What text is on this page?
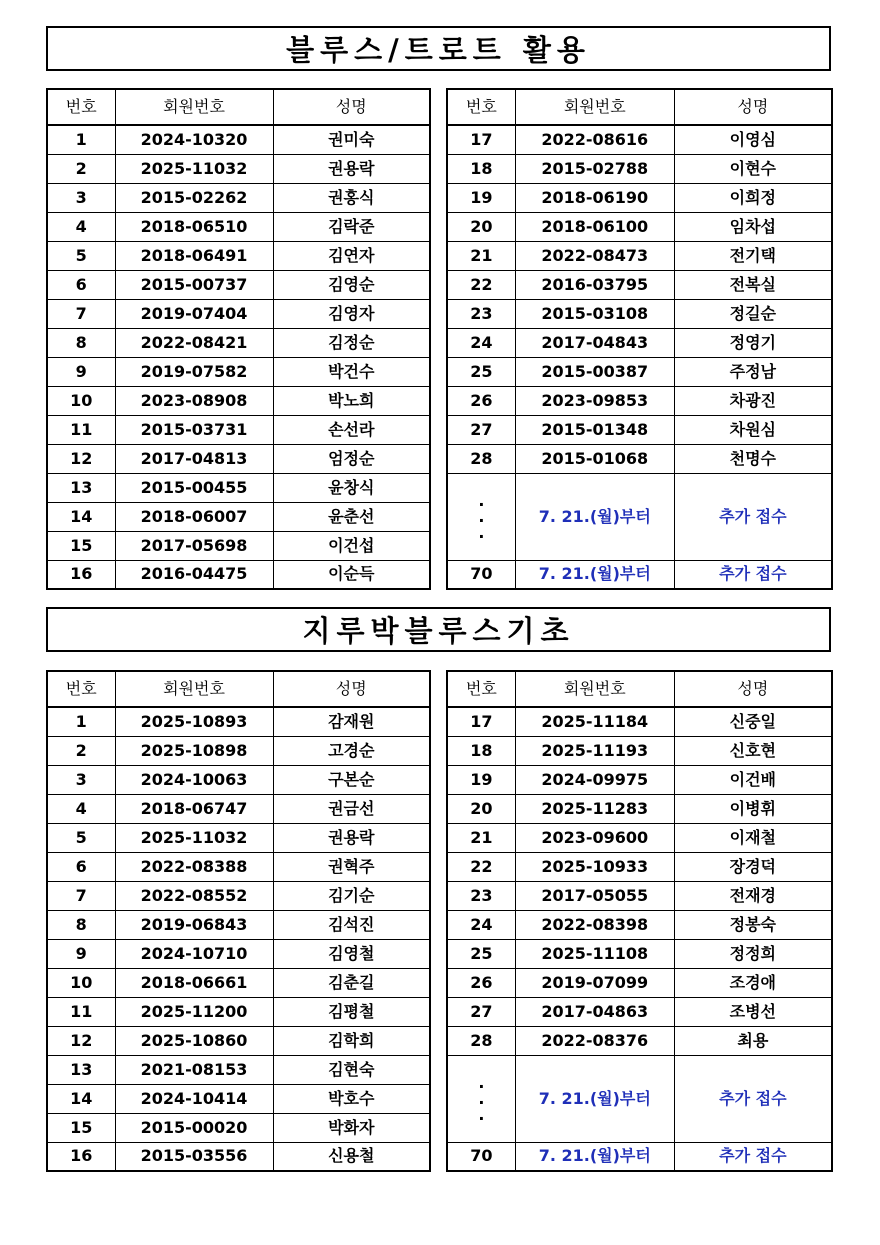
블루스/트로트 활용
번호	회원번호	성명
1	2024-10320	권미숙
2	2025-11032	권용락
3	2015-02262	권홍식
4	2018-06510	김락준
5	2018-06491	김연자
6	2015-00737	김영순
7	2019-07404	김영자
8	2022-08421	김정순
9	2019-07582	박건수
10	2023-08908	박노희
11	2015-03731	손선라
12	2017-04813	엄정순
13	2015-00455	윤창식
14	2018-06007	윤춘선
15	2017-05698	이건섭
16	2016-04475	이순득
번호	회원번호	성명
17	2022-08616	이영심
18	2015-02788	이현수
19	2018-06190	이희정
20	2018-06100	임차섭
21	2022-08473	전기택
22	2016-03795	전복실
23	2015-03108	정길순
24	2017-04843	정영기
25	2015-00387	주정남
26	2023-09853	차광진
27	2015-01348	차원심
28	2015-01068	천명수

.
.
.	7. 21.(월)부터	추가 접수
70	7. 21.(월)부터	추가 접수
지루박블루스기초
번호	회원번호	성명
1	2025-10893	감재원
2	2025-10898	고경순
3	2024-10063	구본순
4	2018-06747	권금선
5	2025-11032	권용락
6	2022-08388	권혁주
7	2022-08552	김기순
8	2019-06843	김석진
9	2024-10710	김영철
10	2018-06661	김춘길
11	2025-11200	김평철
12	2025-10860	김학희
13	2021-08153	김현숙
14	2024-10414	박호수
15	2015-00020	박화자
16	2015-03556	신용철
번호	회원번호	성명
17	2025-11184	신중일
18	2025-11193	신호현
19	2024-09975	이건배
20	2025-11283	이병휘
21	2023-09600	이재철
22	2025-10933	장경덕
23	2017-05055	전재경
24	2022-08398	정봉숙
25	2025-11108	정정희
26	2019-07099	조경애
27	2017-04863	조병선
28	2022-08376	최용

.
.
.	7. 21.(월)부터	추가 접수
70	7. 21.(월)부터	추가 접수
